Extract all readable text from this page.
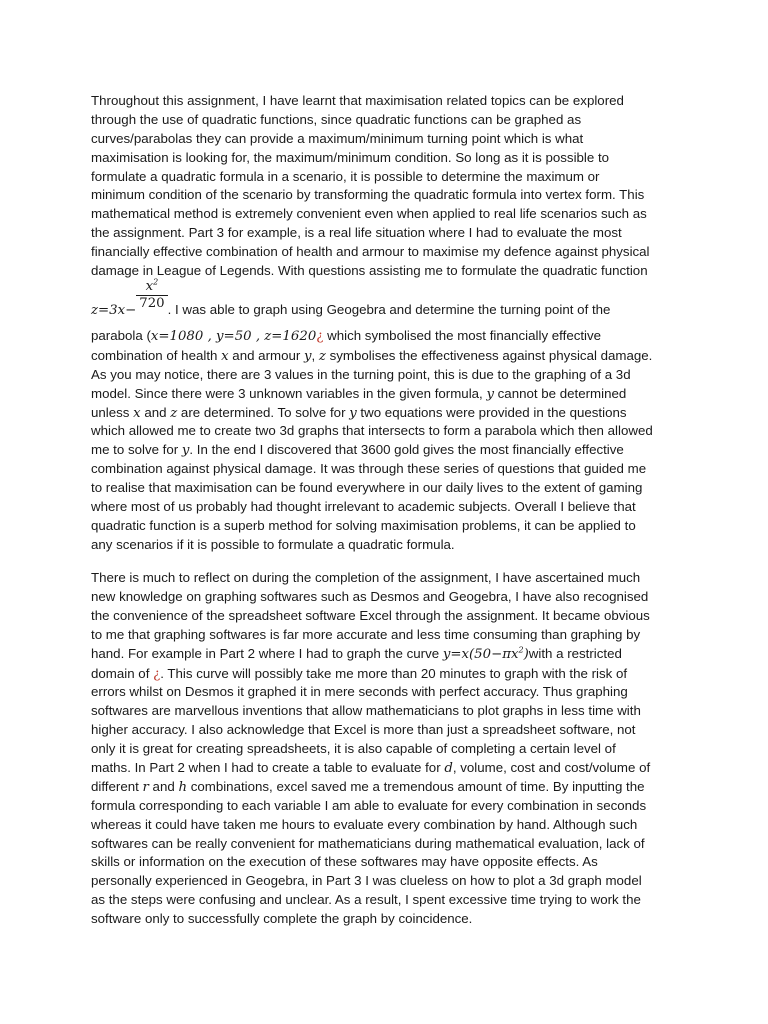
Throughout this assignment, I have learnt that maximisation related topics can be explored
through the use of quadratic functions, since quadratic functions can be graphed as
curves/parabolas they can provide a maximum/minimum turning point which is what
maximisation is looking for, the maximum/minimum condition. So long as it is possible to
formulate a quadratic formula in a scenario, it is possible to determine the maximum or
minimum condition of the scenario by transforming the quadratic formula into vertex form. This
mathematical method is extremely convenient even when applied to real life scenarios such as
the assignment. Part 3 for example, is a real life situation where I had to evaluate the most
financially effective combination of health and armour to maximise my defence against physical
damage in League of Legends. With questions assisting me to formulate the quadratic function
$z=3x- \frac{x^2}{720}$ . I was able to graph using Geogebra and determine the turning point of the
parabola (x=1080 , y=50 , z=1620¿ which symbolised the most financially effective
combination of health x and armour y, z symbolises the effectiveness against physical damage.
As you may notice, there are 3 values in the turning point, this is due to the graphing of a 3d
model. Since there were 3 unknown variables in the given formula, y cannot be determined
unless x and z are determined. To solve for y two equations were provided in the questions
which allowed me to create two 3d graphs that intersects to form a parabola which then allowed
me to solve for y. In the end I discovered that 3600 gold gives the most financially effective
combination against physical damage. It was through these series of questions that guided me
to realise that maximisation can be found everywhere in our daily lives to the extent of gaming
where most of us probably had thought irrelevant to academic subjects. Overall I believe that
quadratic function is a superb method for solving maximisation problems, it can be applied to
any scenarios if it is possible to formulate a quadratic formula.
There is much to reflect on during the completion of the assignment, I have ascertained much
new knowledge on graphing softwares such as Desmos and Geogebra, I have also recognised
the convenience of the spreadsheet software Excel through the assignment. It became obvious
to me that graphing softwares is far more accurate and less time consuming than graphing by
hand. For example in Part 2 where I had to graph the curve $y=x(50-\pi x^2)with$ a restricted
domain of ¿. This curve will possibly take me more than 20 minutes to graph with the risk of
errors whilst on Desmos it graphed it in mere seconds with perfect accuracy. Thus graphing
softwares are marvellous inventions that allow mathematicians to plot graphs in less time with
higher accuracy. I also acknowledge that Excel is more than just a spreadsheet software, not
only it is great for creating spreadsheets, it is also capable of completing a certain level of
maths. In Part 2 when I had to create a table to evaluate for d, volume, cost and cost/volume of
different r and h combinations, excel saved me a tremendous amount of time. By inputting the
formula corresponding to each variable I am able to evaluate for every combination in seconds
whereas it could have taken me hours to evaluate every combination by hand. Although such
softwares can be really convenient for mathematicians during mathematical evaluation, lack of
skills or information on the execution of these softwares may have opposite effects. As
personally experienced in Geogebra, in Part 3 I was clueless on how to plot a 3d graph model
as the steps were confusing and unclear. As a result, I spent excessive time trying to work the
software only to successfully complete the graph by coincidence.
